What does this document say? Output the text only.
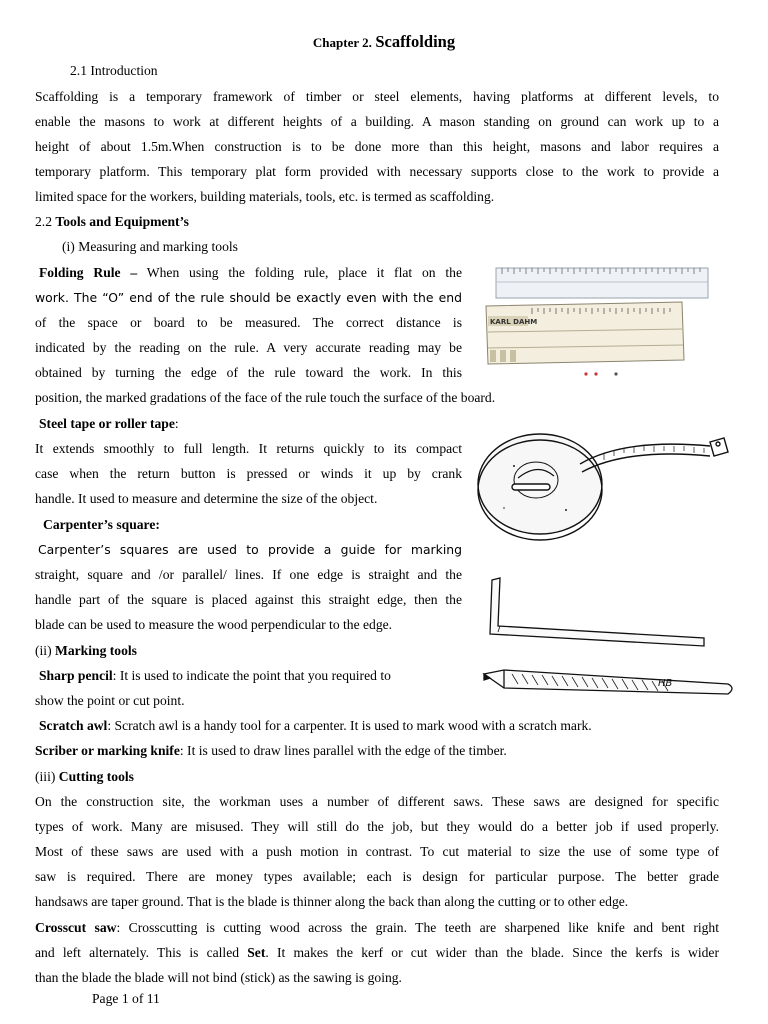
Chapter 2. Scaffolding
2.1 Introduction
Scaffolding is a temporary framework of timber or steel elements, having platforms at different levels, to
enable the masons to work at different heights of a building. A mason standing on ground can work up to a
height of about 1.5m.When construction is to be done more than this height, masons and labor requires a
temporary platform. This temporary plat form provided with necessary supports close to the work to provide a
limited space for the workers, building materials, tools, etc. is termed as scaffolding.
2.2 Tools and Equipment’s
(i) Measuring and marking tools
Folding Rule – When using the folding rule, place it flat on the
work. The “O” end of the rule should be exactly even with the end
of the space or board to be measured. The correct distance is
indicated by the reading on the rule. A very accurate reading may be
obtained by turning the edge of the rule toward the work. In this
position, the marked gradations of the face of the rule touch the surface of the board.
KARL DAHM
Steel tape or roller tape:
It extends smoothly to full length. It returns quickly to its compact
case when the return button is pressed or winds it up by crank
handle. It used to measure and determine the size of the object.
Carpenter’s square:
Carpenter’s squares are used to provide a guide for marking
straight, square and /or parallel/ lines. If one edge is straight and the
handle part of the square is placed against this straight edge, then the
blade can be used to measure the wood perpendicular to the edge.
(ii) Marking tools
Sharp pencil: It is used to indicate the point that you required to
show the point or cut point.
HB
Scratch awl: Scratch awl is a handy tool for a carpenter. It is used to mark wood with a scratch mark.
Scriber or marking knife: It is used to draw lines parallel with the edge of the timber.
(iii) Cutting tools
On the construction site, the workman uses a number of different saws. These saws are designed for specific
types of work. Many are misused. They will still do the job, but they would do a better job if used properly.
Most of these saws are used with a push motion in contrast. To cut material to size the use of some type of
saw is required. There are money types available; each is design for particular purpose. The better grade
handsaws are taper ground. That is the blade is thinner along the back than along the cutting or to other edge.
Crosscut saw: Crosscutting is cutting wood across the grain. The teeth are sharpened like knife and bent right
and left alternately. This is called Set. It makes the kerf or cut wider than the blade. Since the kerfs is wider
than the blade the blade will not bind (stick) as the sawing is going.
Page 1 of 11
